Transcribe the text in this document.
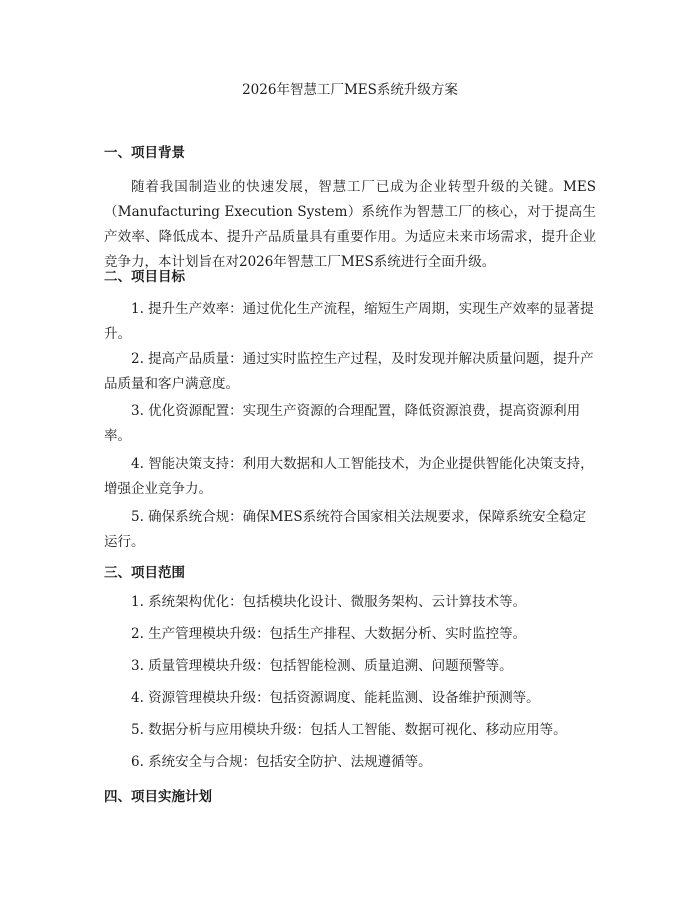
2026年智慧工厂MES系统升级方案
一、项目背景

随着我国制造业的快速发展，智慧工厂已成为企业转型升级的关键。MES（Manufacturing Execution System）系统作为智慧工厂的核心，对于提高生产效率、降低成本、提升产品质量具有重要作用。为适应未来市场需求，提升企业竞争力，本计划旨在对2026年智慧工厂MES系统进行全面升级。

二、项目目标

1. 提升生产效率：通过优化生产流程，缩短生产周期，实现生产效率的显著提升。

2. 提高产品质量：通过实时监控生产过程，及时发现并解决质量问题，提升产品质量和客户满意度。

3. 优化资源配置：实现生产资源的合理配置，降低资源浪费，提高资源利用率。

4. 智能决策支持：利用大数据和人工智能技术，为企业提供智能化决策支持，增强企业竞争力。

5. 确保系统合规：确保MES系统符合国家相关法规要求，保障系统安全稳定运行。

三、项目范围

1. 系统架构优化：包括模块化设计、微服务架构、云计算技术等。

2. 生产管理模块升级：包括生产排程、大数据分析、实时监控等。

3. 质量管理模块升级：包括智能检测、质量追溯、问题预警等。

4. 资源管理模块升级：包括资源调度、能耗监测、设备维护预测等。

5. 数据分析与应用模块升级：包括人工智能、数据可视化、移动应用等。

6. 系统安全与合规：包括安全防护、法规遵循等。

四、项目实施计划
